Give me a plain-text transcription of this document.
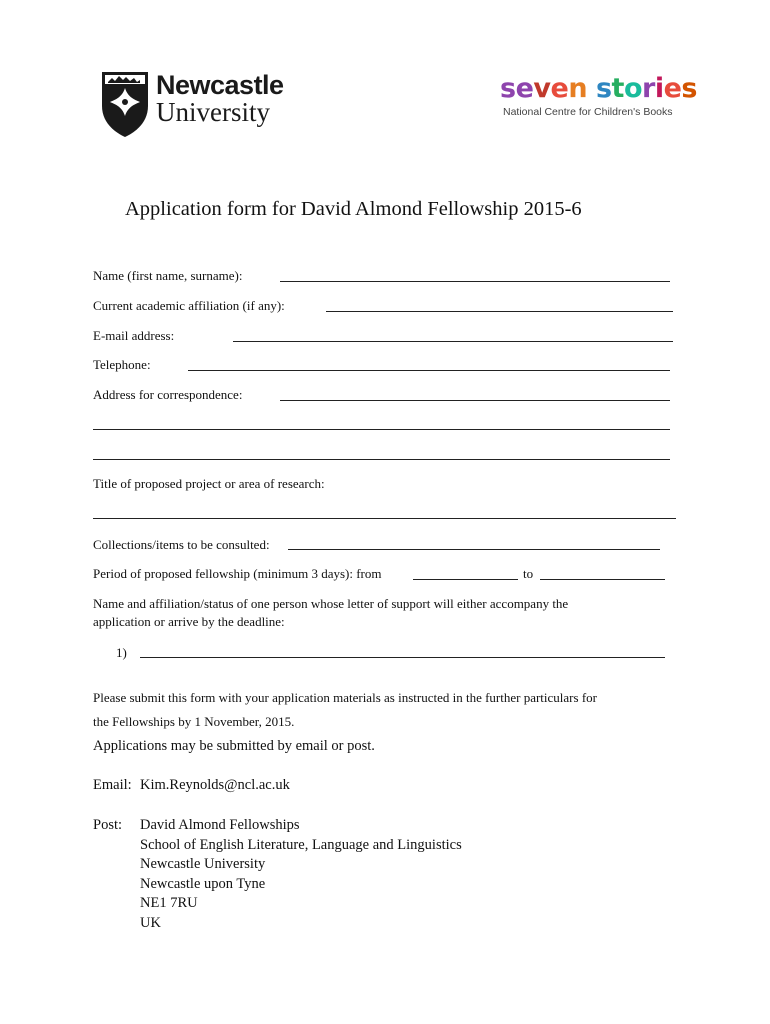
Newcastle
University
seven stories
National Centre for Children's Books
Application form for David Almond Fellowship 2015-6
Name (first name, surname):
Current academic affiliation (if any):
E-mail address:
Telephone:
Address for correspondence:
Title of proposed project or area of research:
Collections/items to be consulted:
Period of proposed fellowship (minimum 3 days): from	to
Name and affiliation/status of one person whose letter of support will either accompany the
application or arrive by the deadline:
1)
Please submit this form with your application materials as instructed in the further particulars for
the Fellowships by 1 November, 2015.
Applications may be submitted by email or post.
Email: Kim.Reynolds@ncl.ac.uk
Post: David Almond Fellowships
School of English Literature, Language and Linguistics
Newcastle University
Newcastle upon Tyne
NE1 7RU
UK
